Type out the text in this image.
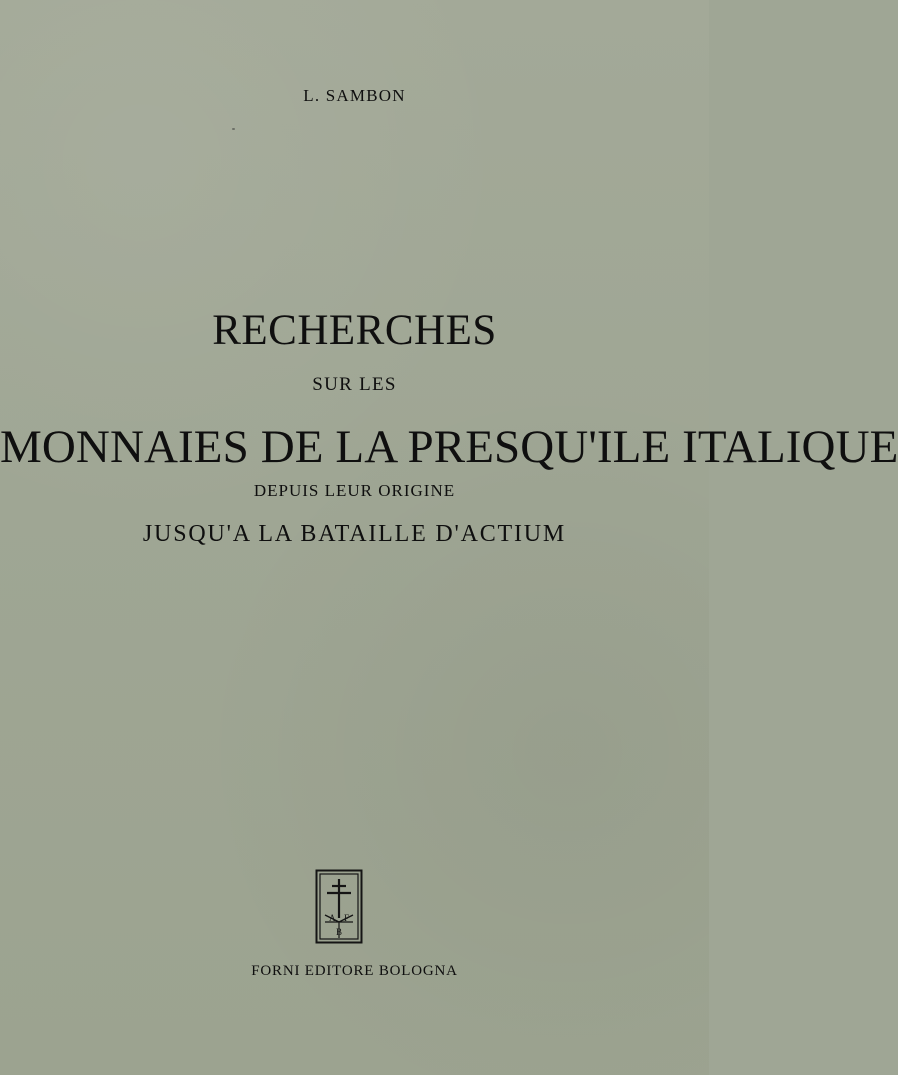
L. SAMBON
RECHERCHES
SUR LES
MONNAIES DE LA PRESQU'ILE ITALIQUE
DEPUIS LEUR ORIGINE
JUSQU'A LA BATAILLE D'ACTIUM
A F
B
FORNI EDITORE BOLOGNA
